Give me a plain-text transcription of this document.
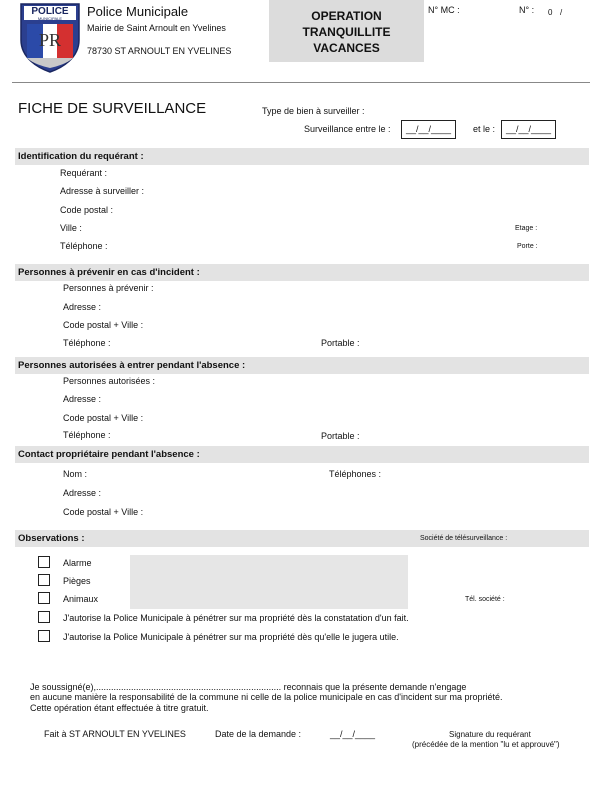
POLICE
MUNICIPALE
PR
Police Municipale
Mairie de Saint Arnoult en Yvelines
78730 ST ARNOULT EN YVELINES
OPERATION
TRANQUILLITE
VACANCES
N° MC :	N° : 0 /
FICHE DE SURVEILLANCE	Type de bien à surveiller :
Surveillance entre le :	__/__/____	et le :	__/__/____
Identification du requérant :
Requérant :
Adresse à surveiller :
Code postal :
Ville :
Téléphone :
Etage :
Porte :
Personnes à prévenir en cas d'incident :
Personnes à prévenir :
Adresse :
Code postal + Ville :
Téléphone :	Portable :
Personnes autorisées à entrer pendant l'absence :
Personnes autorisées :
Adresse :
Code postal + Ville :
Téléphone :	Portable :
Contact propriétaire pendant l'absence :
Nom :	Téléphones :
Adresse :
Code postal + Ville :
Observations :	Société de télésurveillance :
Alarme
Pièges
Animaux	Tél. société :
J'autorise la Police Municipale à pénétrer sur ma propriété dès la constatation d'un fait.
J'autorise la Police Municipale à pénétrer sur ma propriété dès qu'elle le jugera utile.
Je soussigné(e),.......................................................................... reconnais que la présente demande n'engage
en aucune manière la responsabilité de la commune ni celle de la police municipale en cas d'incident sur ma propriété.
Cette opération étant effectuée à titre gratuit.
Fait à ST ARNOULT EN YVELINES	Date de la demande :	__/__/____	Signature du requérant
(précédée de la mention "lu et approuvé")
